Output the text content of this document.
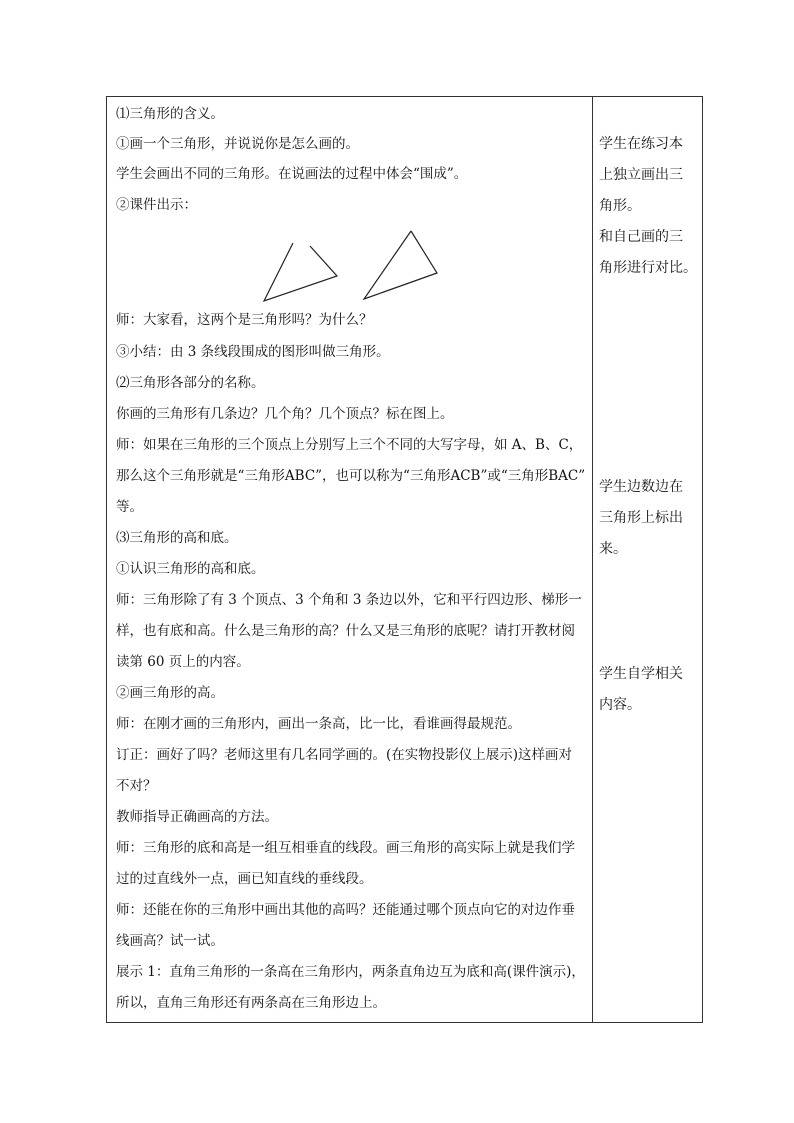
⑴三角形的含义。
①画一个三角形，并说说你是怎么画的。
学生会画出不同的三角形。在说画法的过程中体会“围成”。
②课件出示：
师：大家看，这两个是三角形吗？为什么？
③小结：由 3 条线段围成的图形叫做三角形。
⑵三角形各部分的名称。
你画的三角形有几条边？几个角？几个顶点？标在图上。
师：如果在三角形的三个顶点上分别写上三个不同的大写字母，如 A、B、C，
那么这个三角形就是“三角形ABC”，也可以称为“三角形ACB”或“三角形BAC”
等。
⑶三角形的高和底。
①认识三角形的高和底。
师：三角形除了有 3 个顶点、3 个角和 3 条边以外，它和平行四边形、梯形一
样，也有底和高。什么是三角形的高？什么又是三角形的底呢？请打开教材阅
读第 60 页上的内容。
②画三角形的高。
师：在刚才画的三角形内，画出一条高，比一比，看谁画得最规范。
订正：画好了吗？老师这里有几名同学画的。(在实物投影仪上展示)这样画对
不对？
教师指导正确画高的方法。
师：三角形的底和高是一组互相垂直的线段。画三角形的高实际上就是我们学
过的过直线外一点，画已知直线的垂线段。
师：还能在你的三角形中画出其他的高吗？还能通过哪个顶点向它的对边作垂
线画高？试一试。
展示 1：直角三角形的一条高在三角形内，两条直角边互为底和高(课件演示)，
所以，直角三角形还有两条高在三角形边上。
学生在练习本
上独立画出三
角形。
和自己画的三
角形进行对比。
学生边数边在
三角形上标出
来。
学生自学相关
内容。
